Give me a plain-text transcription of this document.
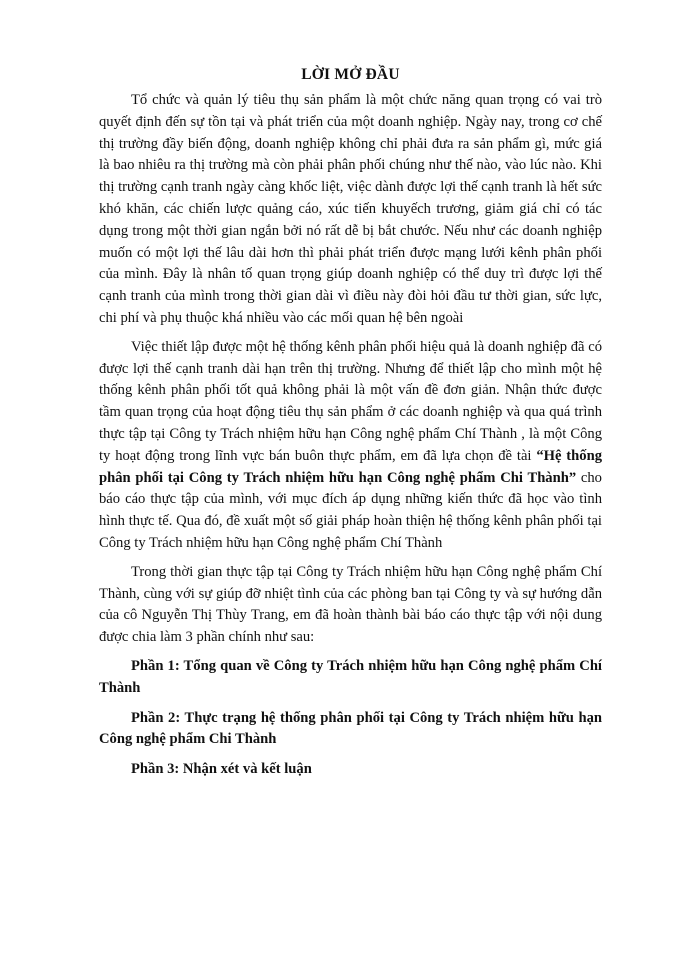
LỜI MỞ ĐẦU

Tổ chức và quản lý tiêu thụ sản phẩm là một chức năng quan trọng có vai trò quyết định đến sự tồn tại và phát triển của một doanh nghiệp. Ngày nay, trong cơ chế thị trường đầy biến động, doanh nghiệp không chỉ phải đưa ra sản phẩm gì, mức giá là bao nhiêu ra thị trường mà còn phải phân phối chúng như thế nào, vào lúc nào. Khi thị trường cạnh tranh ngày càng khốc liệt, việc dành được lợi thế cạnh tranh là hết sức khó khăn, các chiến lược quảng cáo, xúc tiến khuyếch trương, giảm giá chỉ có tác dụng trong một thời gian ngắn bởi nó rất dễ bị bắt chước. Nếu như các doanh nghiệp muốn có một lợi thế lâu dài hơn thì phải phát triển được mạng lưới kênh phân phối của mình. Đây là nhân tố quan trọng giúp doanh nghiệp có thể duy trì được lợi thế cạnh tranh của mình trong thời gian dài vì điều này đòi hỏi đầu tư thời gian, sức lực, chi phí và phụ thuộc khá nhiều vào các mối quan hệ bên ngoài

Việc thiết lập được một hệ thống kênh phân phối hiệu quả là doanh nghiệp đã có được lợi thế cạnh tranh dài hạn trên thị trường. Nhưng để thiết lập cho mình một hệ thống kênh phân phối tốt quả không phải là một vấn đề đơn giản. Nhận thức được tầm quan trọng của hoạt động tiêu thụ sản phẩm ở các doanh nghiệp và qua quá trình thực tập tại Công ty Trách nhiệm hữu hạn Công nghệ phẩm Chí Thành , là một Công ty hoạt động trong lĩnh vực bán buôn thực phẩm, em đã lựa chọn đề tài “Hệ thống phân phối tại Công ty Trách nhiệm hữu hạn Công nghệ phẩm Chi Thành” cho báo cáo thực tập của mình, với mục đích áp dụng những kiến thức đã học vào tình hình thực tế. Qua đó, đề xuất một số giải pháp hoàn thiện hệ thống kênh phân phối tại Công ty Trách nhiệm hữu hạn Công nghệ phẩm Chí Thành

Trong thời gian thực tập tại Công ty Trách nhiệm hữu hạn Công nghệ phẩm Chí Thành, cùng với sự giúp đỡ nhiệt tình của các phòng ban tại Công ty và sự hướng dẫn của cô Nguyễn Thị Thùy Trang, em đã hoàn thành bài báo cáo thực tập với nội dung được chia làm 3 phần chính như sau:

Phần 1: Tổng quan về Công ty Trách nhiệm hữu hạn Công nghệ phẩm Chí Thành

Phần 2: Thực trạng hệ thống phân phối tại Công ty Trách nhiệm hữu hạn Công nghệ phẩm Chi Thành

Phần 3: Nhận xét và kết luận
